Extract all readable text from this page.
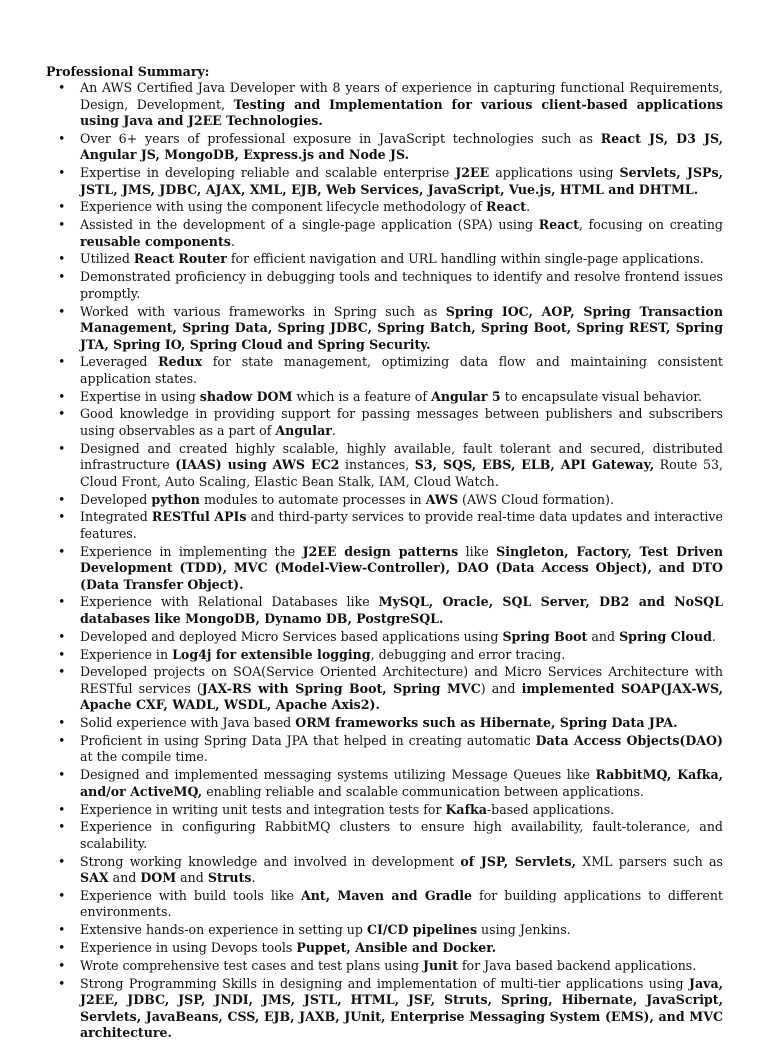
Professional Summary:
•	An AWS Certified Java Developer with 8 years of experience in capturing functional Requirements, Design, Development, Testing and Implementation for various client-based applications using Java and J2EE Technologies.
•	Over 6+ years of professional exposure in JavaScript technologies such as React JS, D3 JS, Angular JS, MongoDB, Express.js and Node JS.
•	Expertise in developing reliable and scalable enterprise J2EE applications using Servlets, JSPs, JSTL, JMS, JDBC, AJAX, XML, EJB, Web Services, JavaScript, Vue.js, HTML and DHTML.
•	Experience with using the component lifecycle methodology of React.
•	Assisted in the development of a single-page application (SPA) using React, focusing on creating reusable components.
•	Utilized React Router for efficient navigation and URL handling within single-page applications.
•	Demonstrated proficiency in debugging tools and techniques to identify and resolve frontend issues promptly.
•	Worked with various frameworks in Spring such as Spring IOC, AOP, Spring Transaction Management, Spring Data, Spring JDBC, Spring Batch, Spring Boot, Spring REST, Spring JTA, Spring IO, Spring Cloud and Spring Security.
•	Leveraged Redux for state management, optimizing data flow and maintaining consistent application states.
•	Expertise in using shadow DOM which is a feature of Angular 5 to encapsulate visual behavior.
•	Good knowledge in providing support for passing messages between publishers and subscribers using observables as a part of Angular.
•	Designed and created highly scalable, highly available, fault tolerant and secured, distributed infrastructure (IAAS) using AWS EC2 instances, S3, SQS, EBS, ELB, API Gateway, Route 53, Cloud Front, Auto Scaling, Elastic Bean Stalk, IAM, Cloud Watch.
•	Developed python modules to automate processes in AWS (AWS Cloud formation).
•	Integrated RESTful APIs and third-party services to provide real-time data updates and interactive features.
•	Experience in implementing the J2EE design patterns like Singleton, Factory, Test Driven Development (TDD), MVC (Model-View-Controller), DAO (Data Access Object), and DTO (Data Transfer Object).
•	Experience with Relational Databases like MySQL, Oracle, SQL Server, DB2 and NoSQL databases like MongoDB, Dynamo DB, PostgreSQL.
•	Developed and deployed Micro Services based applications using Spring Boot and Spring Cloud.
•	Experience in Log4j for extensible logging, debugging and error tracing.
•	Developed projects on SOA(Service Oriented Architecture) and Micro Services Architecture with RESTful services (JAX-RS with Spring Boot, Spring MVC) and implemented SOAP(JAX-WS, Apache CXF, WADL, WSDL, Apache Axis2).
•	Solid experience with Java based ORM frameworks such as Hibernate, Spring Data JPA.
•	Proficient in using Spring Data JPA that helped in creating automatic Data Access Objects(DAO) at the compile time.
•	Designed and implemented messaging systems utilizing Message Queues like RabbitMQ, Kafka, and/or ActiveMQ, enabling reliable and scalable communication between applications.
•	Experience in writing unit tests and integration tests for Kafka-based applications.
•	Experience in configuring RabbitMQ clusters to ensure high availability, fault-tolerance, and scalability.
•	Strong working knowledge and involved in development of JSP, Servlets, XML parsers such as SAX and DOM and Struts.
•	Experience with build tools like Ant, Maven and Gradle for building applications to different environments.
•	Extensive hands-on experience in setting up CI/CD pipelines using Jenkins.
•	Experience in using Devops tools Puppet, Ansible and Docker.
•	Wrote comprehensive test cases and test plans using Junit for Java based backend applications.
•	Strong Programming Skills in designing and implementation of multi-tier applications using Java, J2EE, JDBC, JSP, JNDI, JMS, JSTL, HTML, JSF, Struts, Spring, Hibernate, JavaScript, Servlets, JavaBeans, CSS, EJB, JAXB, JUnit, Enterprise Messaging System (EMS), and MVC architecture.
